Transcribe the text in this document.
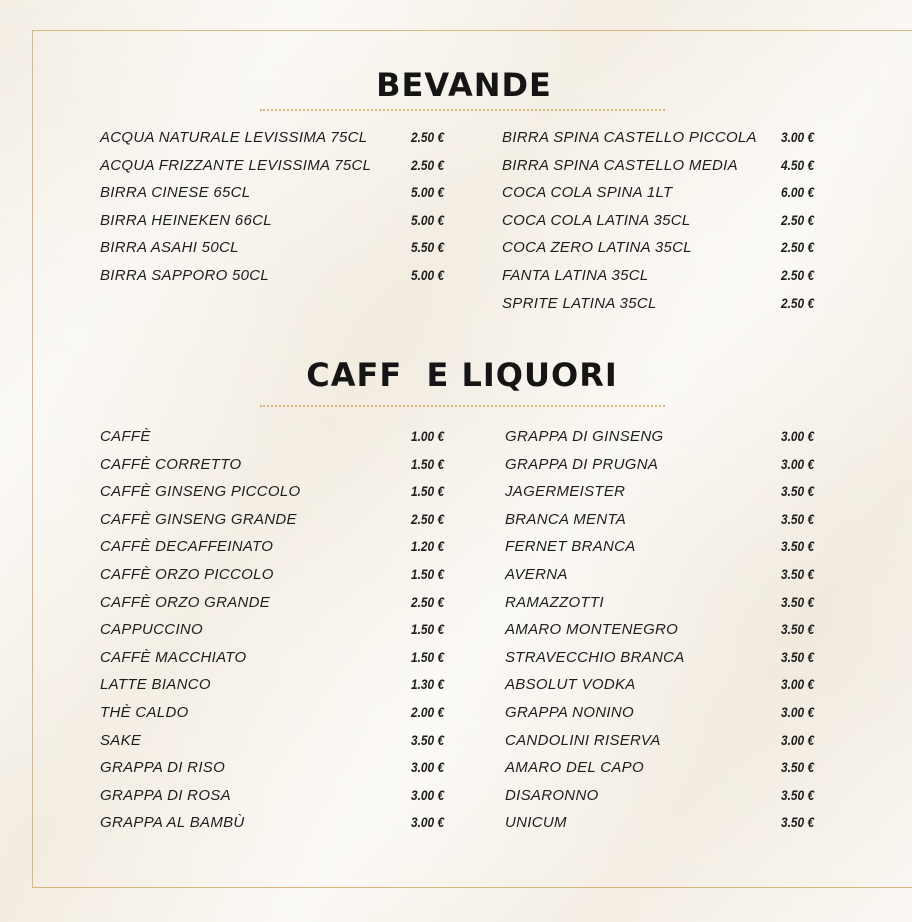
BEVANDE
ACQUA NATURALE LEVISSIMA 75CL	2.50 €
ACQUA FRIZZANTE LEVISSIMA 75CL	2.50 €
BIRRA CINESE 65CL	5.00 €
BIRRA HEINEKEN 66CL	5.00 €
BIRRA ASAHI 50CL	5.50 €
BIRRA SAPPORO 50CL	5.00 €
BIRRA SPINA CASTELLO PICCOLA 3.00 €
BIRRA SPINA CASTELLO MEDIA	4.50 €
COCA COLA SPINA 1LT	6.00 €
COCA COLA LATINA 35CL	2.50 €
COCA ZERO LATINA 35CL	2.50 €
FANTA LATINA 35CL	2.50 €
SPRITE LATINA 35CL	2.50 €
CAFF  E LIQUORI
CAFFÈ	1.00 €
CAFFÈ CORRETTO	1.50 €
CAFFÈ GINSENG PICCOLO	1.50 €
CAFFÈ GINSENG GRANDE	2.50 €
CAFFÈ DECAFFEINATO	1.20 €
CAFFÈ ORZO PICCOLO	1.50 €
CAFFÈ ORZO GRANDE	2.50 €
CAPPUCCINO	1.50 €
CAFFÈ MACCHIATO	1.50 €
LATTE BIANCO	1.30 €
THÈ CALDO	2.00 €
SAKE	3.50 €
GRAPPA DI RISO	3.00 €
GRAPPA DI ROSA	3.00 €
GRAPPA AL BAMBÙ	3.00 €
GRAPPA DI GINSENG	3.00 €
GRAPPA DI PRUGNA	3.00 €
JAGERMEISTER	3.50 €
BRANCA MENTA	3.50 €
FERNET BRANCA	3.50 €
AVERNA	3.50 €
RAMAZZOTTI	3.50 €
AMARO MONTENEGRO	3.50 €
STRAVECCHIO BRANCA	3.50 €
ABSOLUT VODKA	3.00 €
GRAPPA NONINO	3.00 €
CANDOLINI RISERVA	3.00 €
AMARO DEL CAPO	3.50 €
DISARONNO	3.50 €
UNICUM	3.50 €
